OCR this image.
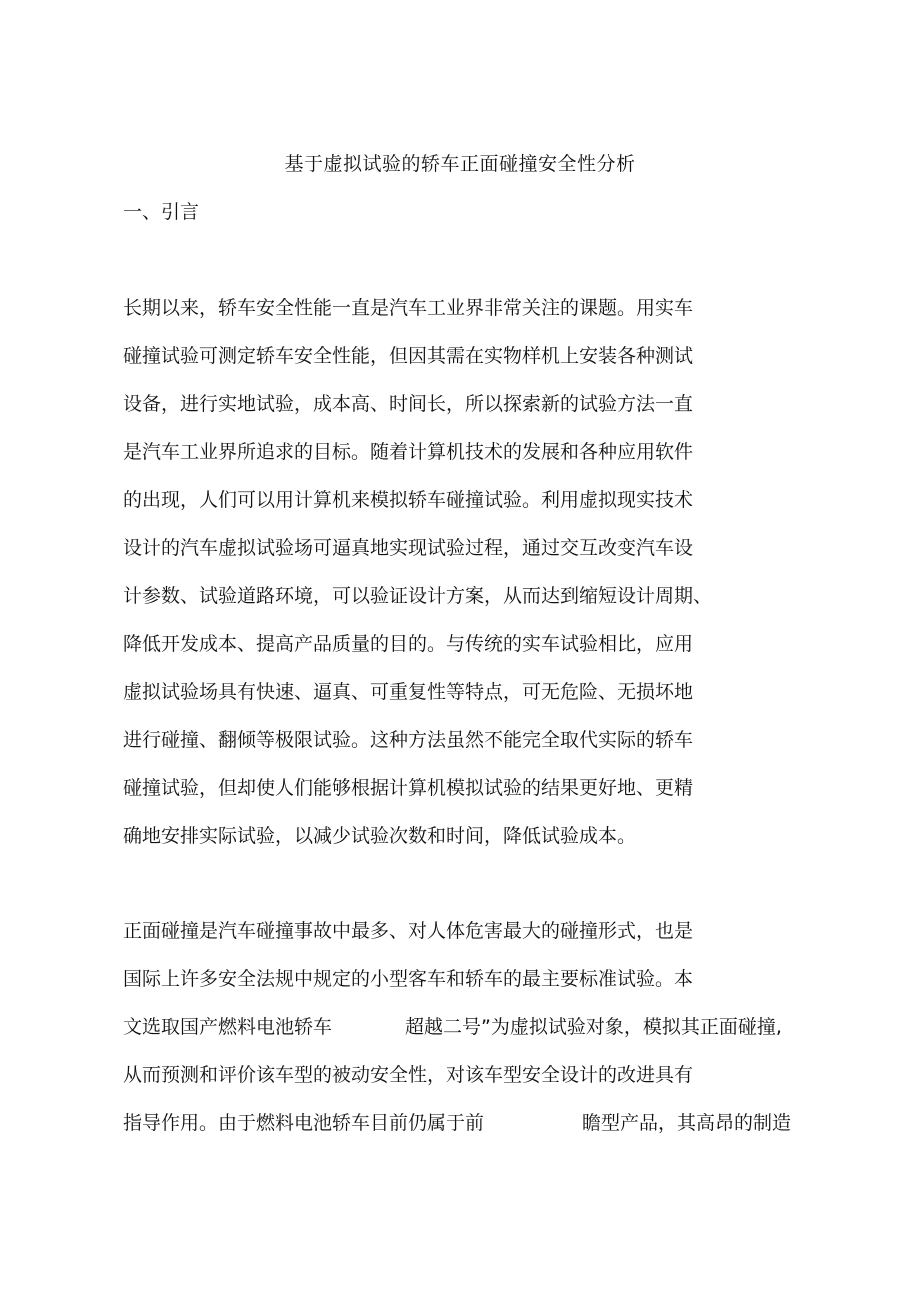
基于虚拟试验的轿车正面碰撞安全性分析
一、引言
长期以来，轿车安全性能一直是汽车工业界非常关注的课题。用实车
碰撞试验可测定轿车安全性能，但因其需在实物样机上安装各种测试
设备，进行实地试验，成本高、时间长，所以探索新的试验方法一直
是汽车工业界所追求的目标。随着计算机技术的发展和各种应用软件
的出现，人们可以用计算机来模拟轿车碰撞试验。利用虚拟现实技术
设计的汽车虚拟试验场可逼真地实现试验过程，通过交互改变汽车设
计参数、试验道路环境，可以验证设计方案，从而达到缩短设计周期、
降低开发成本、提高产品质量的目的。与传统的实车试验相比，应用
虚拟试验场具有快速、逼真、可重复性等特点，可无危险、无损坏地
进行碰撞、翻倾等极限试验。这种方法虽然不能完全取代实际的轿车
碰撞试验，但却使人们能够根据计算机模拟试验的结果更好地、更精
确地安排实际试验，以减少试验次数和时间，降低试验成本。
正面碰撞是汽车碰撞事故中最多、对人体危害最大的碰撞形式，也是
国际上许多安全法规中规定的小型客车和轿车的最主要标准试验。本
文选取国产燃料电池轿车	超越二号”为虚拟试验对象，模拟其正面碰撞,
从而预测和评价该车型的被动安全性，对该车型安全设计的改进具有
指导作用。由于燃料电池轿车目前仍属于前	瞻型产品，其高昂的制造
